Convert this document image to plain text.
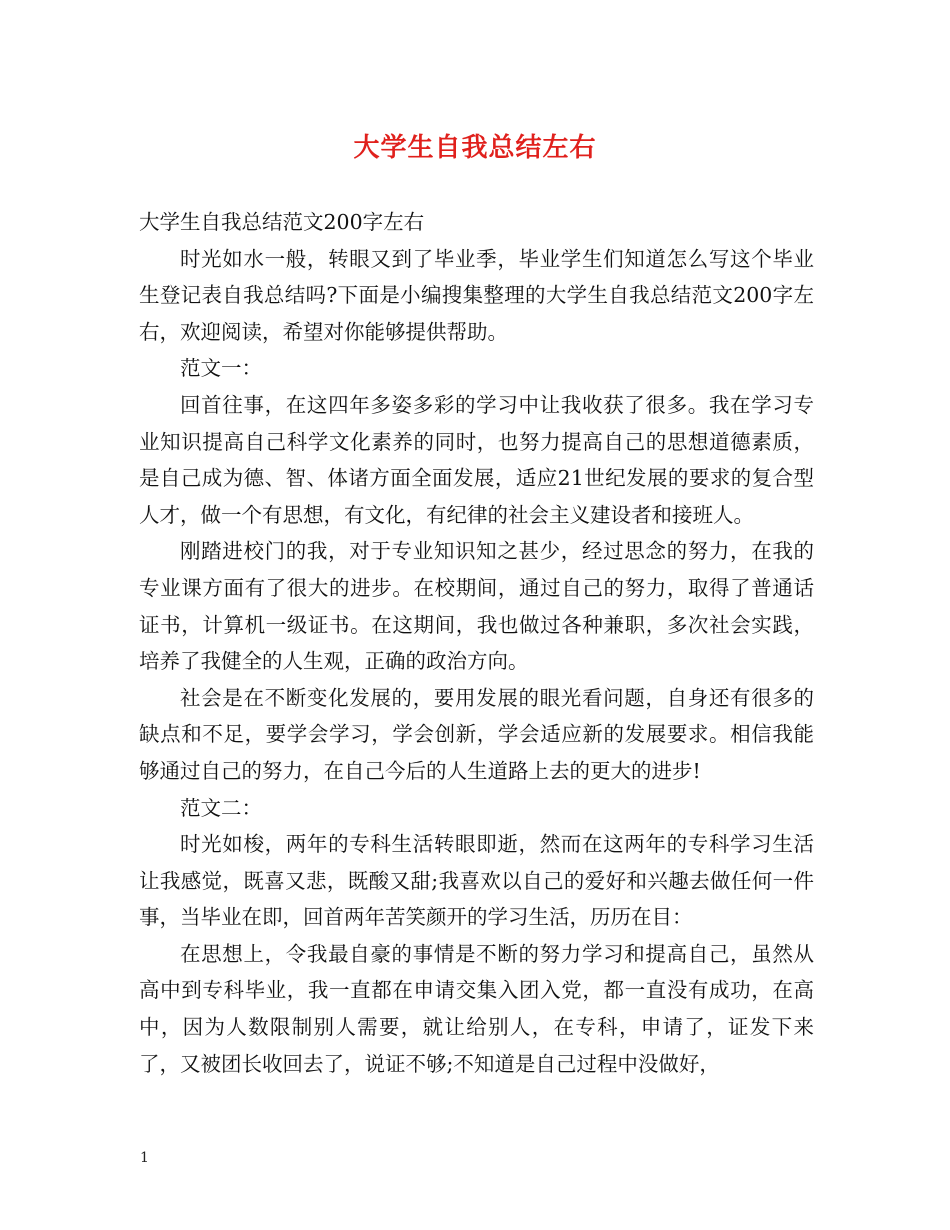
大学生自我总结左右

大学生自我总结范文200字左右

时光如水一般，转眼又到了毕业季，毕业学生们知道怎么写这个毕业生登记表自我总结吗?下面是小编搜集整理的大学生自我总结范文200字左右，欢迎阅读，希望对你能够提供帮助。

范文一：

回首往事，在这四年多姿多彩的学习中让我收获了很多。我在学习专业知识提高自己科学文化素养的同时，也努力提高自己的思想道德素质，是自己成为德、智、体诸方面全面发展，适应21世纪发展的要求的复合型人才，做一个有思想，有文化，有纪律的社会主义建设者和接班人。

刚踏进校门的我，对于专业知识知之甚少，经过思念的努力，在我的专业课方面有了很大的进步。在校期间，通过自己的努力，取得了普通话证书，计算机一级证书。在这期间，我也做过各种兼职，多次社会实践，培养了我健全的人生观，正确的政治方向。

社会是在不断变化发展的，要用发展的眼光看问题，自身还有很多的缺点和不足，要学会学习，学会创新，学会适应新的发展要求。相信我能够通过自己的努力，在自己今后的人生道路上去的更大的进步!

范文二：

时光如梭，两年的专科生活转眼即逝，然而在这两年的专科学习生活让我感觉，既喜又悲，既酸又甜;我喜欢以自己的爱好和兴趣去做任何一件事，当毕业在即，回首两年苦笑颜开的学习生活，历历在目：

在思想上，令我最自豪的事情是不断的努力学习和提高自己，虽然从高中到专科毕业，我一直都在申请交集入团入党，都一直没有成功，在高中，因为人数限制别人需要，就让给别人，在专科，申请了，证发下来了，又被团长收回去了，说证不够;不知道是自己过程中没做好，

1
